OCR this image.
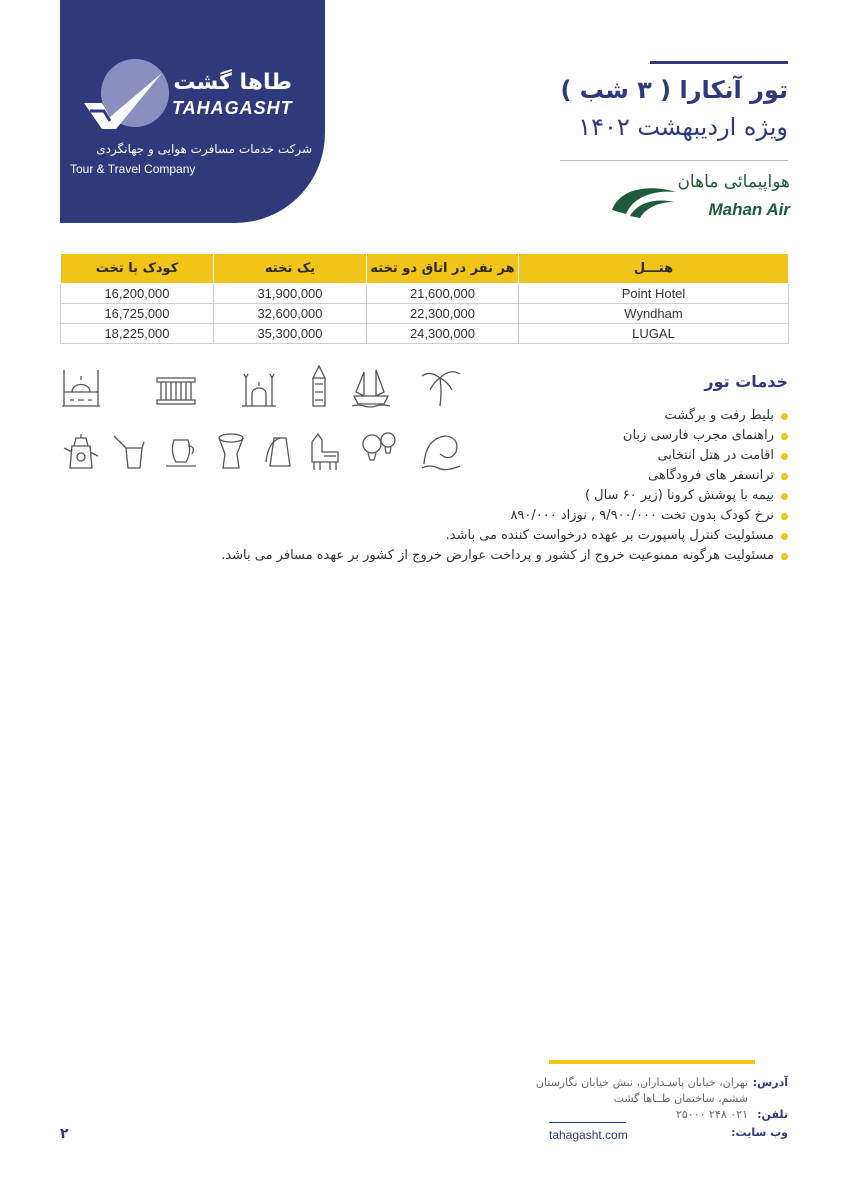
طاها گشت
TAHAGASHT
شرکت خدمات مسافرت هوایی و جهانگردی
Tour & Travel Company
تور آنکارا ( ۳ شب )
ویژه اردیبهشت ۱۴۰۲
هواپیمائی ماهان
Mahan Air
هتـــل	هر نفر در اتاق دو تخته	یک تخته	کودک با تخت
Point Hotel	21,600,000	31,900,000	16,200,000
Wyndham	22,300,000	32,600,000	16,725,000
LUGAL	24,300,000	35,300,000	18,225,000
خدمات تور
بلیط رفت و برگشت
راهنمای مجرب فارسی زبان
اقامت در هتل انتخابی
ترانسفر های فرودگاهی
بیمه با پوشش کرونا (زیر ۶۰ سال )
نرخ کودک بدون تخت ۹/۹۰۰/۰۰۰ , نوزاد ۸۹۰/۰۰۰
مسئولیت کنترل پاسپورت بر عهده درخواست کننده می باشد.
مسئولیت هرگونه ممنوعیت خروج از کشور و پرداخت عوارض خروج از کشور بر عهده مسافر می باشد.
آدرس:
تهران، خیابان پاسـداران، نبش خیابان نگارستان
ششم، ساختمان طــاها گشت
تلفن:
۰۲۱ ۲۴۸ ۲۵۰۰۰
وب سایت:
tahagasht.com
۲
